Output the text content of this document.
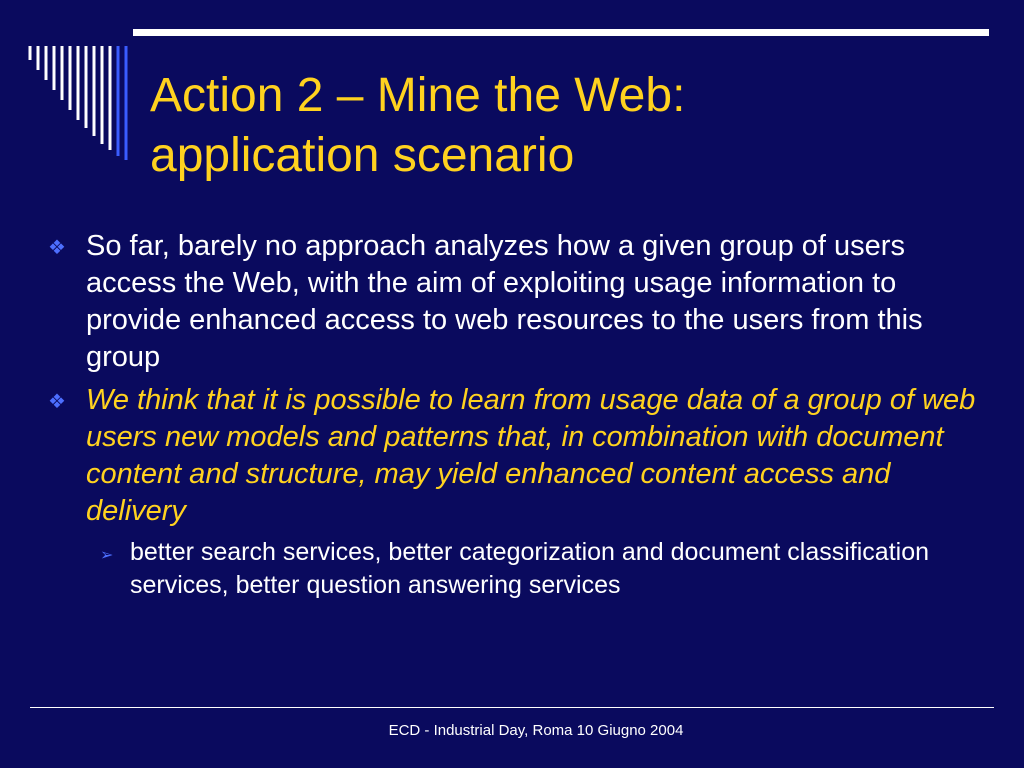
Action 2 – Mine the Web:
application scenario
❖ So far, barely no approach analyzes how a given group of users access the Web, with the aim of exploiting usage information to provide enhanced access to web resources to the users from this group
❖ We think that it is possible to learn from usage data of a group of web users new models and patterns that, in combination with document content and structure, may yield enhanced content access and delivery
➢ better search services, better categorization and document classification services, better question answering services
ECD - Industrial Day, Roma 10 Giugno 2004
